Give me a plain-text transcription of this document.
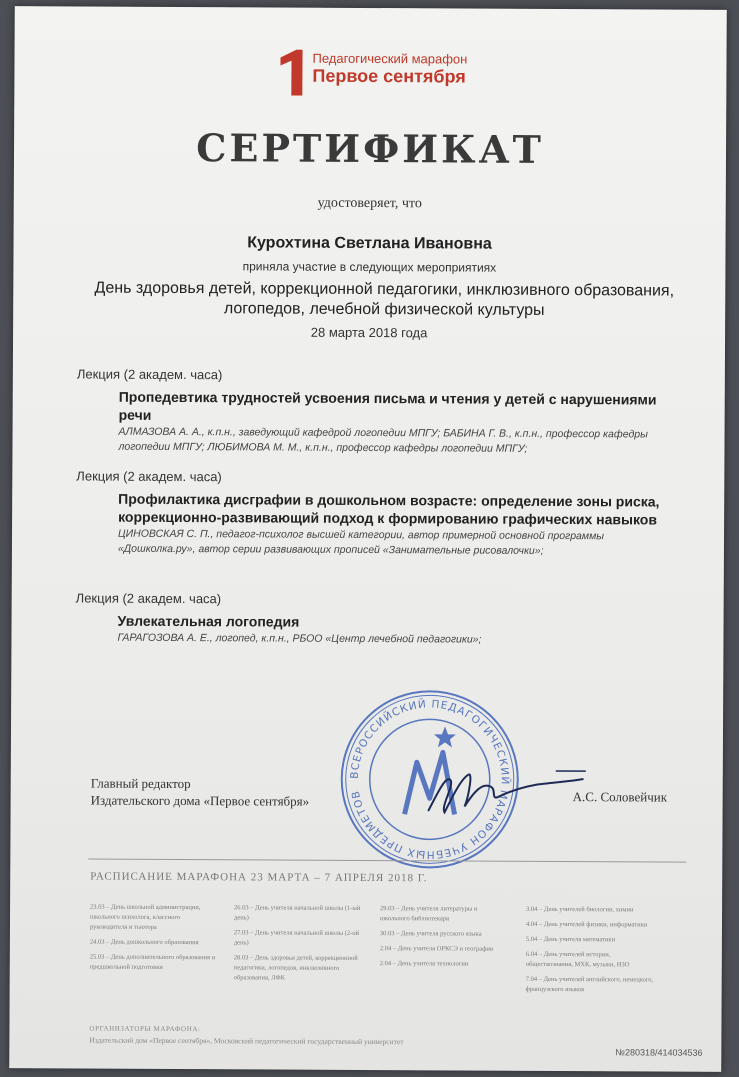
Педагогический марафон
Первое сентября
СЕРТИФИКАТ
удостоверяет, что
Курохтина Светлана Ивановна
приняла участие в следующих мероприятиях
День здоровья детей, коррекционной педагогики, инклюзивного образования, логопедов, лечебной физической культуры
28 марта 2018 года
Лекция (2 академ. часа)
Пропедевтика трудностей усвоения письма и чтения у детей с нарушениями речи
АЛМАЗОВА А. А., к.п.н., заведующий кафедрой логопедии МПГУ; БАБИНА Г. В., к.п.н., профессор кафедры логопедии МПГУ; ЛЮБИМОВА М. М., к.п.н., профессор кафедры логопедии МПГУ;
Лекция (2 академ. часа)
Профилактика дисграфии в дошкольном возрасте: определение зоны риска, коррекционно-развивающий подход к формированию графических навыков
ЦИНОВСКАЯ С. П., педагог-психолог высшей категории, автор примерной основной программы «Дошколка.ру», автор серии развивающих прописей «Занимательные рисовалочки»;
Лекция (2 академ. часа)
Увлекательная логопедия
ГАРАГОЗОВА А. Е., логопед, к.п.н., РБОО «Центр лечебной педагогики»;
ВСЕРОССИЙСКИЙ ПЕДАГОГИЧЕСКИЙ МАРАФОН УЧЕБНЫХ ПРЕДМЕТОВ
Главный редактор
Издательского дома «Первое сентября»	А.С. Соловейчик
РАСПИСАНИЕ МАРАФОНА 23 МАРТА – 7 АПРЕЛЯ 2018 Г.
23.03 – День школьной администрации, школьного психолога, классного руководителя и тьютора
24.03 – День дошкольного образования
25.03 – День дополнительного образования и предшкольной подготовки
26.03 – День учителя начальной школы (1-ый день)
27.03 – День учителя начальной школы (2-ой день)
28.03 – День здоровья детей, коррекционной педагогики, логопедов, инклюзивного образования, ЛФК
29.03 – День учителя литературы и школьного библиотекаря
30.03 – День учителя русского языка
2.04 – День учителя ОРКСЭ и географии
2.04 – День учителя технологии
3.04 – День учителей биологии, химии
4.04 – День учителей физики, информатики
5.04 – День учителя математики
6.04 – День учителей истории, обществознания, МХК, музыки, ИЗО
7.04 – День учителей английского, немецкого, французского языков
ОРГАНИЗАТОРЫ МАРАФОНА:
Издательский дом «Первое сентября», Московский педагогический государственный университет
№280318/414034536
